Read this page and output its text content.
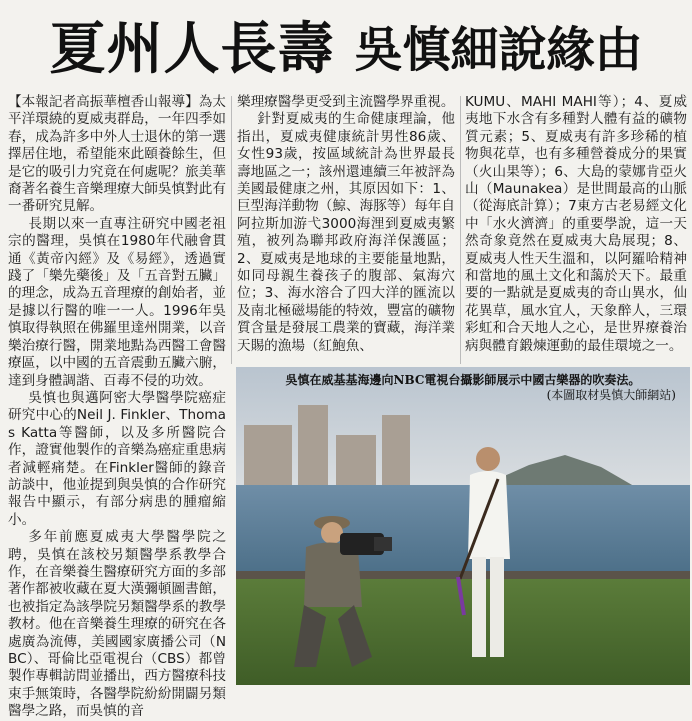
夏州人長壽 吳慎細說緣由

【本報記者高振華檀香山報導】為太平洋環繞的夏威夷群島，一年四季如春，成為許多中外人士退休的第一選擇居住地，希望能來此頤養餘生，但是它的吸引力究竟在何處呢？旅美華裔著名養生音樂理療大師吳慎對此有一番研究見解。

長期以來一直專注研究中國老祖宗的醫理，吳慎在1980年代融會貫通《黃帝內經》及《易經》，透過實踐了「樂先藥後」及「五音對五臟」的理念，成為五音理療的創始者，並是據以行醫的唯一一人。1996年吳慎取得執照在佛羅里達州開業，以音樂治療行醫，開業地點為西醫工會醫療區，以中國的五音震動五臟六腑，達到身體調諧、百毒不侵的功效。

吳慎也與邁阿密大學醫學院癌症研究中心的Neil J. Finkler、Thomas Katta等醫師，以及多所醫院合作，證實他製作的音樂為癌症重患病者減輕痛楚。在Finkler醫師的錄音訪談中，他並提到與吳慎的合作研究報告中顯示，有部分病患的腫瘤縮小。

多年前應夏威夷大學醫學院之聘，吳慎在該校另類醫學系教學合作，在音樂養生醫療研究方面的多部著作都被收藏在夏大漢彌頓圖書館，也被指定為該學院另類醫學系的教學教材。他在音樂養生理療的研究在各處廣為流傳，美國國家廣播公司（NBC）、哥倫比亞電視台（CBS）都曾製作專輯訪問並播出，西方醫療科技束手無策時，各醫學院紛紛開闢另類醫學之路，而吳慎的音

樂理療醫學更受到主流醫學界重視。

針對夏威夷的生命健康理論，他指出，夏威夷健康統計男性86歲、女性93歲，按區域統計為世界最長壽地區之一；該州還連續三年被評為美國最健康之州，其原因如下：1、巨型海洋動物（鯨、海豚等）每年自阿拉斯加游弋3000海浬到夏威夷繁殖，被列為聯邦政府海洋保護區；2、夏威夷是地球的主要能量地點，如同母親生養孩子的腹部、氣海穴位；3、海水溶合了四大洋的匯流以及南北極磁場能的特效，豐富的礦物質含量是發展工農業的寶藏，海洋業天賜的漁場（紅鮑魚、

KUMU、MAHI MAHI等）；4、夏威夷地下水含有多種對人體有益的礦物質元素；5、夏威夷有許多珍稀的植物與花草，也有多種營養成分的果實（火山果等）；6、大島的蒙娜肯亞火山（Maunakea）是世間最高的山脈（從海底計算）；7東方古老易經文化中「水火濟濟」的重要學說，這一天然奇象竟然在夏威夷大島展現；8、夏威夷人性天生溫和，以阿羅哈精神和當地的風土文化和藹於天下。最重要的一點就是夏威夷的奇山異水，仙花異草，風水宜人，天象醉人，三環彩虹和合天地人之心，是世界療養治病與體育鍛煉運動的最佳環境之一。

吳慎在威基基海邊向NBC電視台攝影師展示中國古樂器的吹奏法。
(本圖取材吳慎大師網站)
